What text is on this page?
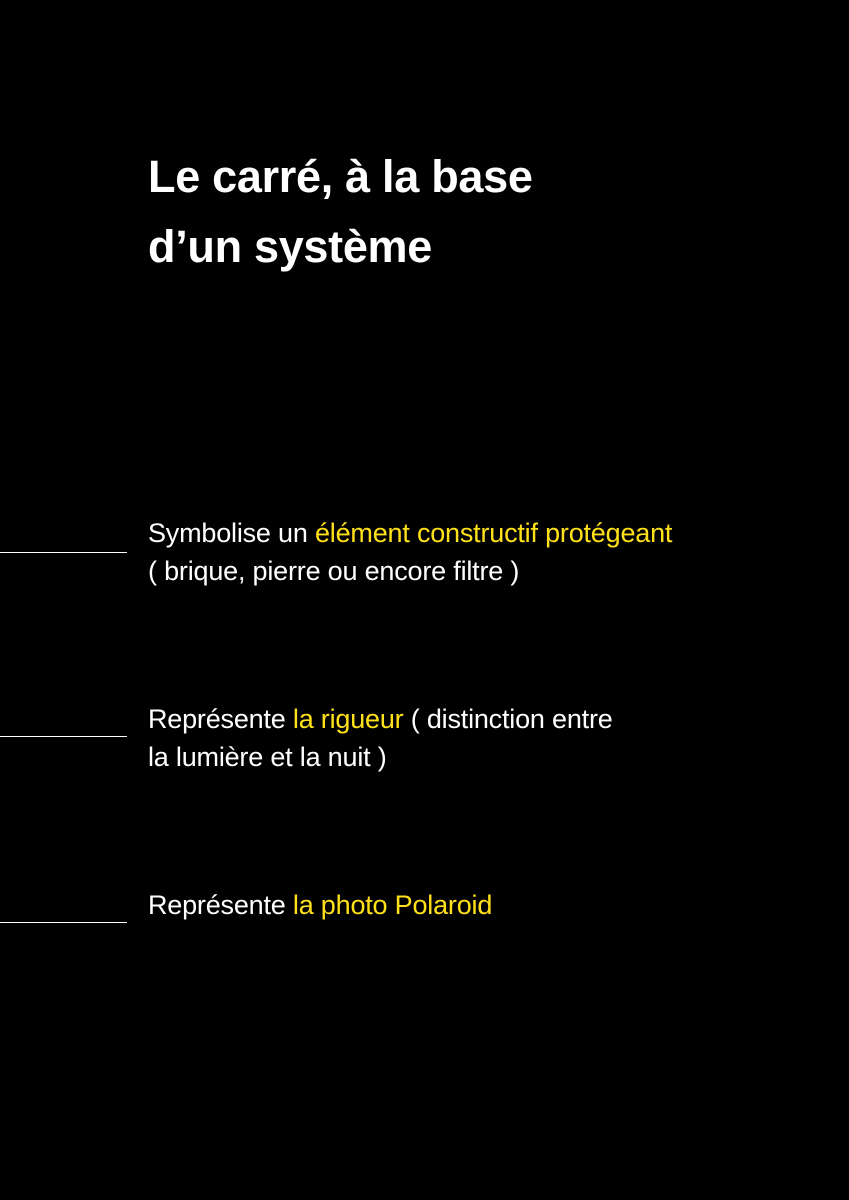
Le carré, à la base
d’un système

Symbolise un élément constructif protégeant
( brique, pierre ou encore filtre )

Représente la rigueur ( distinction entre
la lumière et la nuit )

Représente la photo Polaroid
